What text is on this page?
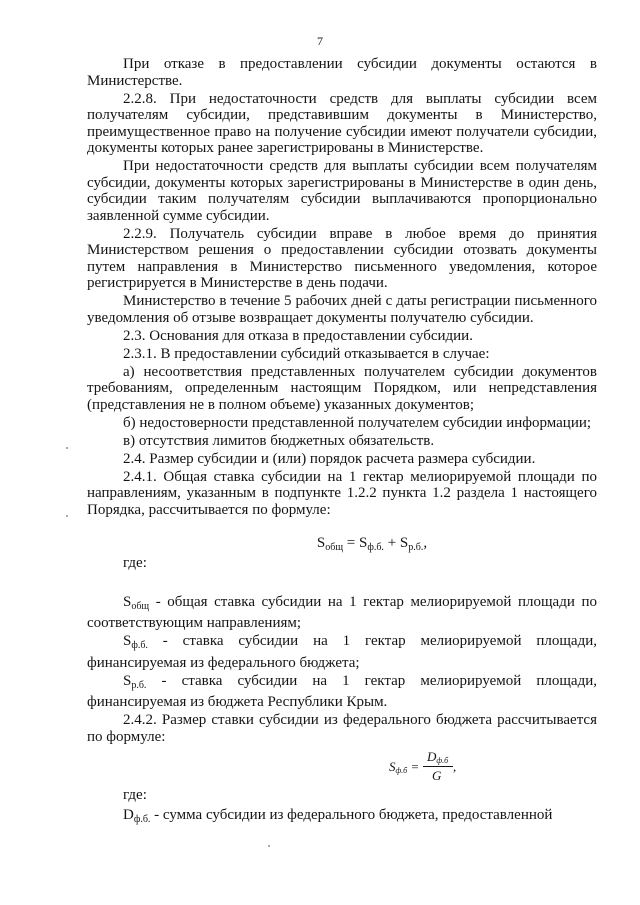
7

При отказе в предоставлении субсидии документы остаются в Министерстве.

2.2.8. При недостаточности средств для выплаты субсидии всем получателям субсидии, представившим документы в Министерство, преимущественное право на получение субсидии имеют получатели субсидии, документы которых ранее зарегистрированы в Министерстве.

При недостаточности средств для выплаты субсидии всем получателям субсидии, документы которых зарегистрированы в Министерстве в один день, субсидии таким получателям субсидии выплачиваются пропорционально заявленной сумме субсидии.

2.2.9. Получатель субсидии вправе в любое время до принятия Министерством решения о предоставлении субсидии отозвать документы путем направления в Министерство письменного уведомления, которое регистрируется в Министерстве в день подачи.

Министерство в течение 5 рабочих дней с даты регистрации письменного уведомления об отзыве возвращает документы получателю субсидии.

2.3. Основания для отказа в предоставлении субсидии.

2.3.1. В предоставлении субсидий отказывается в случае:

а) несоответствия представленных получателем субсидии документов требованиям, определенным настоящим Порядком, или непредставления (представления не в полном объеме) указанных документов;

б) недостоверности представленной получателем субсидии информации;

в) отсутствия лимитов бюджетных обязательств.

2.4. Размер субсидии и (или) порядок расчета размера субсидии.

2.4.1. Общая ставка субсидии на 1 гектар мелиорируемой площади по направлениям, указанным в подпункте 1.2.2 пункта 1.2 раздела 1 настоящего Порядка, рассчитывается по формуле:

$S_{общ} = S_{ф.б.} + S_{р.б.}$,
где:

$S_{общ}$ - общая ставка субсидии на 1 гектар мелиорируемой площади по соответствующим направлениям;

$S_{ф.б.}$ - ставка субсидии на 1 гектар мелиорируемой площади, финансируемая из федерального бюджета;

$S_{р.б.}$ - ставка субсидии на 1 гектар мелиорируемой площади, финансируемая из бюджета Республики Крым.

2.4.2. Размер ставки субсидии из федерального бюджета рассчитывается по формуле:

Sф.б =
Dф.б
G
,
где:

$D_{ф.б.}$ - сумма субсидии из федерального бюджета, предоставленной
